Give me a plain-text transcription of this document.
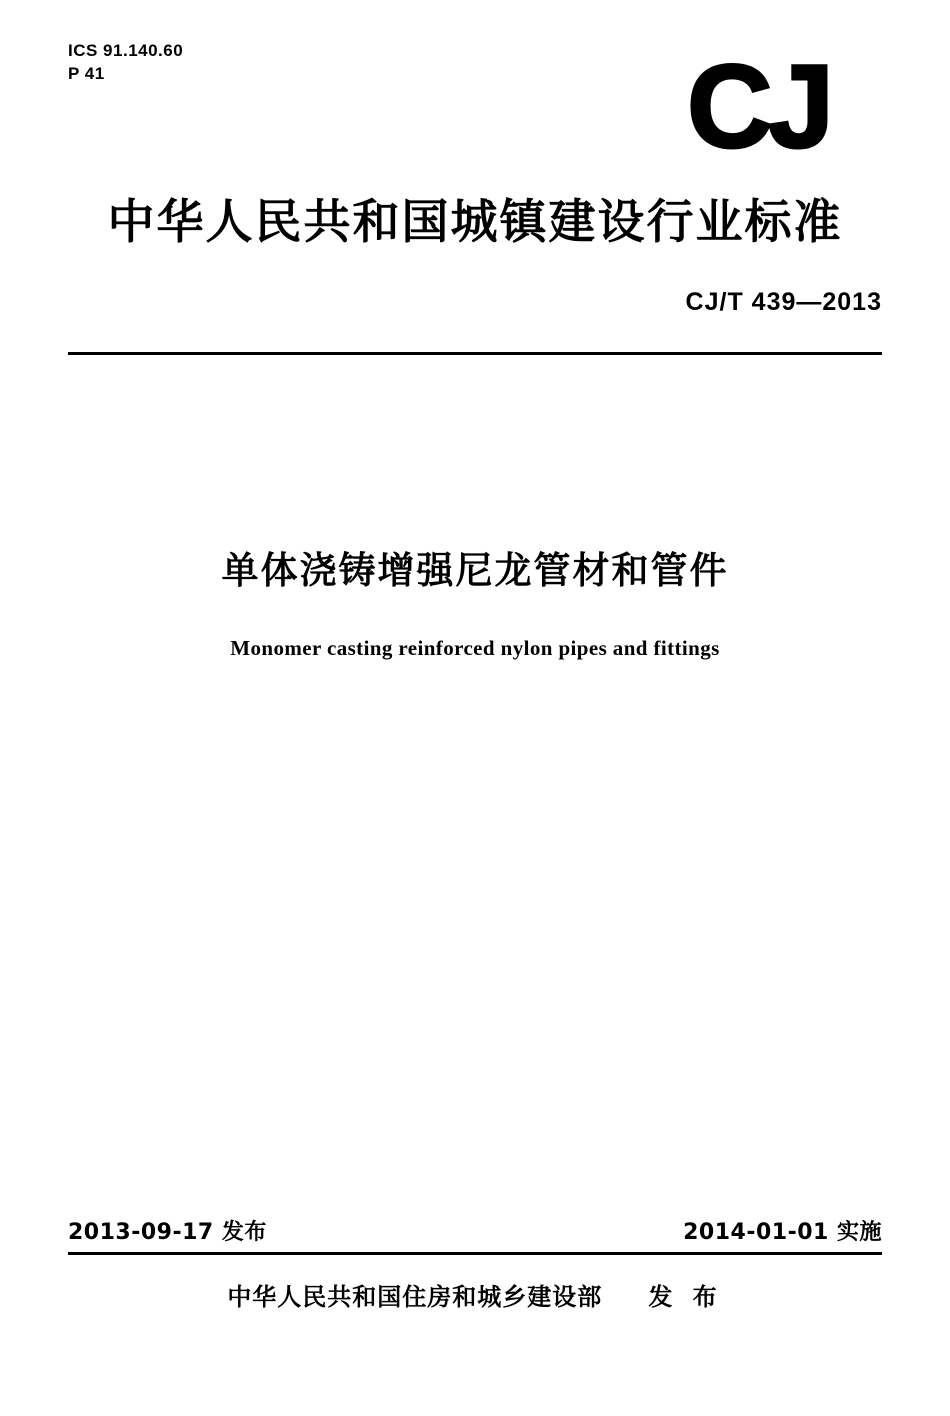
ICS 91.140.60
P 41	CJ
中华人民共和国城镇建设行业标准
CJ/T 439—2013
单体浇铸增强尼龙管材和管件
Monomer casting reinforced nylon pipes and fittings
2013-09-17 发布	2014-01-01 实施
中华人民共和国住房和城乡建设部 发 布
